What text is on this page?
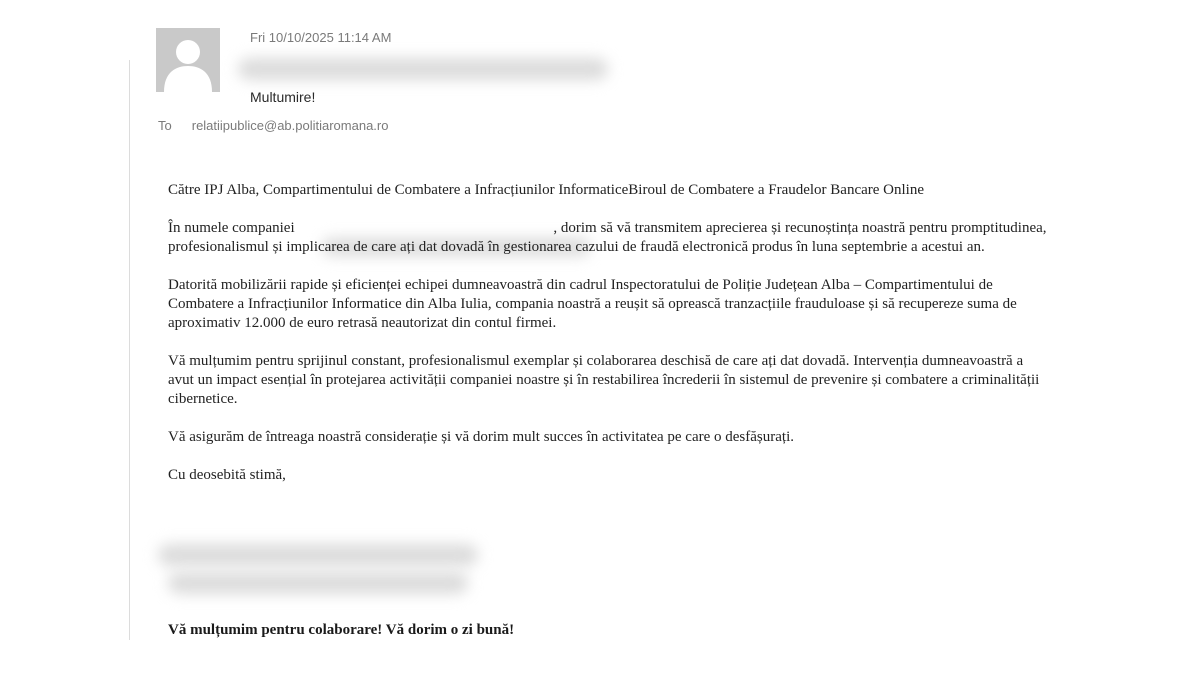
Fri 10/10/2025 11:14 AM
Multumire!
To relatiipublice@ab.politiaromana.ro

Către IPJ Alba, Compartimentului de Combatere a Infracțiunilor InformaticeBiroul de Combatere a Fraudelor Bancare Online

În numele companiei	, dorim să vă transmitem aprecierea și recunoștința noastră pentru promptitudinea, profesionalismul și implicarea de care ați dat dovadă în gestionarea cazului de fraudă electronică produs în luna septembrie a acestui an.

Datorită mobilizării rapide și eficienței echipei dumneavoastră din cadrul Inspectoratului de Poliție Județean Alba – Compartimentului de Combatere a Infracțiunilor Informatice din Alba Iulia, compania noastră a reușit să oprească tranzacțiile frauduloase și să recupereze suma de aproximativ 12.000 de euro retrasă neautorizat din contul firmei.

Vă mulțumim pentru sprijinul constant, profesionalismul exemplar și colaborarea deschisă de care ați dat dovadă. Intervenția dumneavoastră a avut un impact esențial în protejarea activității companiei noastre și în restabilirea încrederii în sistemul de prevenire și combatere a criminalității cibernetice.

Vă asigurăm de întreaga noastră considerație și vă dorim mult succes în activitatea pe care o desfășurați.

Cu deosebită stimă,

Vă mulțumim pentru colaborare! Vă dorim o zi bună!
